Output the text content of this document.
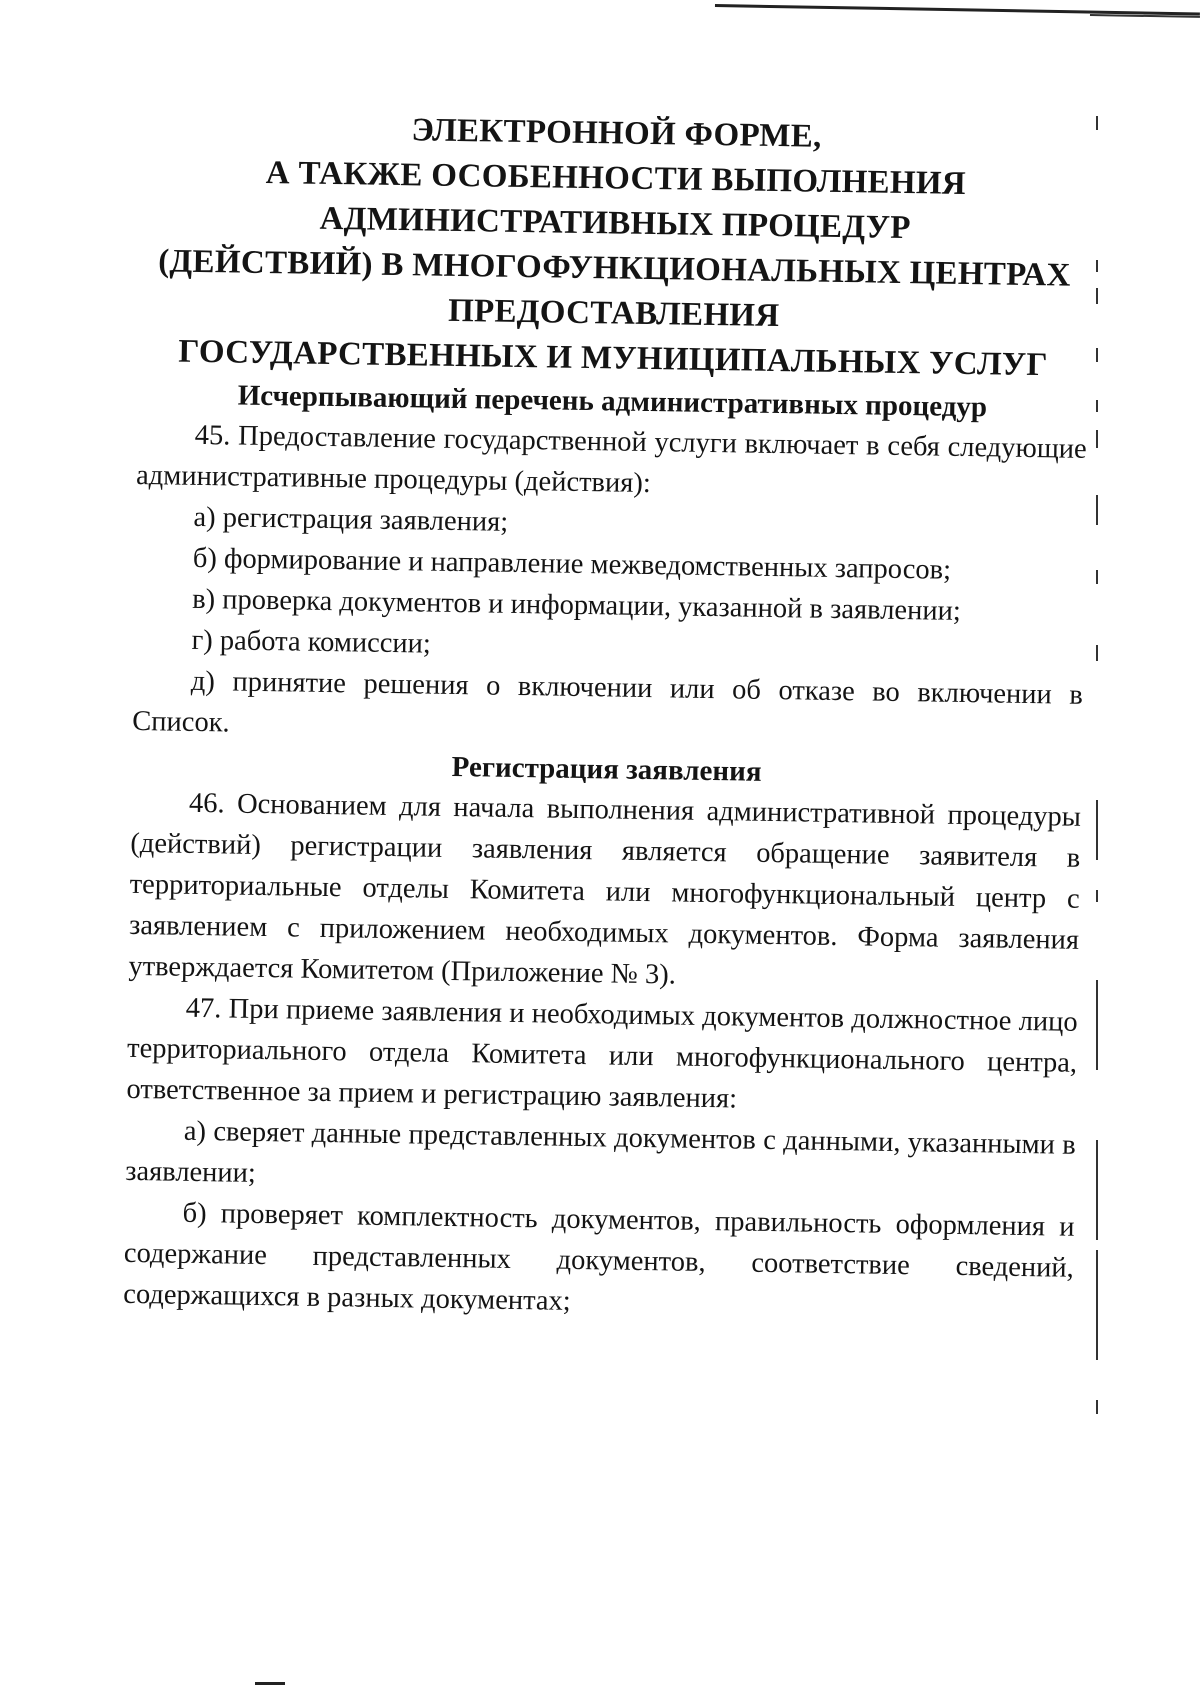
ЭЛЕКТРОННОЙ ФОРМЕ,
А ТАКЖЕ ОСОБЕННОСТИ ВЫПОЛНЕНИЯ
АДМИНИСТРАТИВНЫХ ПРОЦЕДУР
(ДЕЙСТВИЙ) В МНОГОФУНКЦИОНАЛЬНЫХ ЦЕНТРАХ
ПРЕДОСТАВЛЕНИЯ
ГОСУДАРСТВЕННЫХ И МУНИЦИПАЛЬНЫХ УСЛУГ
Исчерпывающий перечень административных процедур

45. Предоставление государственной услуги включает в себя следующие административные процедуры (действия):

а) регистрация заявления;

б) формирование и направление межведомственных запросов;

в) проверка документов и информации, указанной в заявлении;

г) работа комиссии;

д) принятие решения о включении или об отказе во включении в Список.

Регистрация заявления

46. Основанием для начала выполнения административной процедуры (действий) регистрации заявления является обращение заявителя в территориальные отделы Комитета или многофункциональный центр с заявлением с приложением необходимых документов. Форма заявления утверждается Комитетом (Приложение № 3).

47. При приеме заявления и необходимых документов должностное лицо территориального отдела Комитета или многофункционального центра, ответственное за прием и регистрацию заявления:

а) сверяет данные представленных документов с данными, указанными в заявлении;

б) проверяет комплектность документов, правильность оформления и содержание представленных документов, соответствие сведений, содержащихся в разных документах;
